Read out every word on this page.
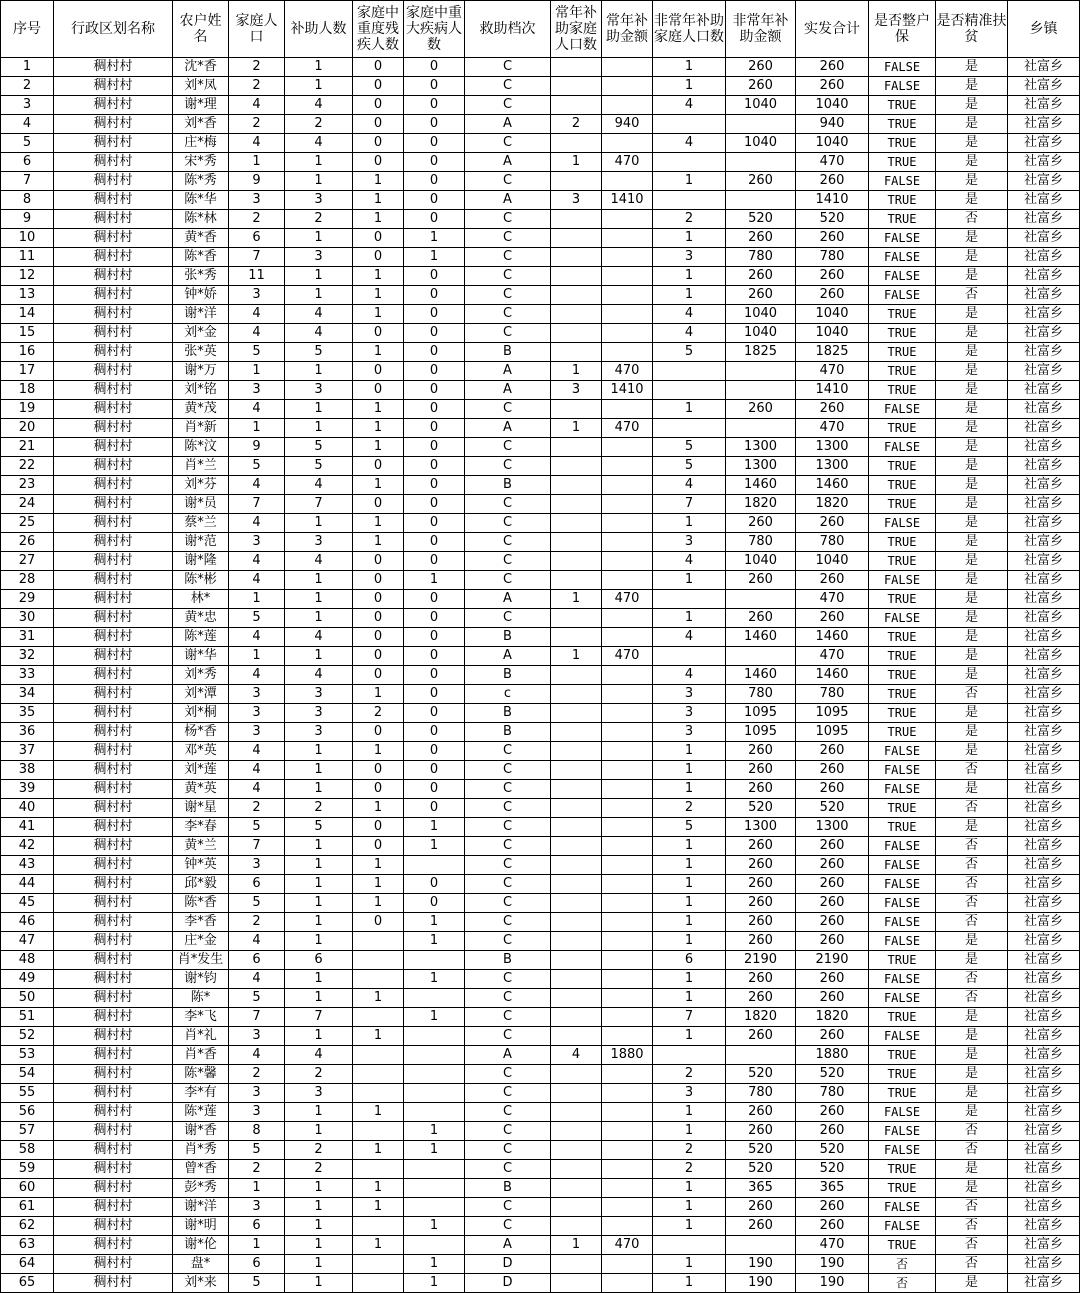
序号	行政区划名称	农户姓名	家庭人口	补助人数	家庭中重度残疾人数	家庭中重大疾病人数	救助档次	常年补助家庭人口数	常年补助金额	非常年补助家庭人口数	非常年补助金额	实发合计	是否整户保	是否精准扶贫	乡镇
1	稠村村	沈*香	2	1	0	0	C			1	260	260	FALSE	是	社富乡
2	稠村村	刘*凤	2	1	0	0	C			1	260	260	FALSE	是	社富乡
3	稠村村	谢*理	4	4	0	0	C			4	1040	1040	TRUE	是	社富乡
4	稠村村	刘*香	2	2	0	0	A	2	940			940	TRUE	是	社富乡
5	稠村村	庄*梅	4	4	0	0	C			4	1040	1040	TRUE	是	社富乡
6	稠村村	宋*秀	1	1	0	0	A	1	470			470	TRUE	是	社富乡
7	稠村村	陈*秀	9	1	1	0	C			1	260	260	FALSE	是	社富乡
8	稠村村	陈*华	3	3	1	0	A	3	1410			1410	TRUE	是	社富乡
9	稠村村	陈*林	2	2	1	0	C			2	520	520	TRUE	否	社富乡
10	稠村村	黄*香	6	1	0	1	C			1	260	260	FALSE	是	社富乡
11	稠村村	陈*香	7	3	0	1	C			3	780	780	FALSE	是	社富乡
12	稠村村	张*秀	11	1	1	0	C			1	260	260	FALSE	是	社富乡
13	稠村村	钟*娇	3	1	1	0	C			1	260	260	FALSE	否	社富乡
14	稠村村	谢*洋	4	4	1	0	C			4	1040	1040	TRUE	是	社富乡
15	稠村村	刘*金	4	4	0	0	C			4	1040	1040	TRUE	是	社富乡
16	稠村村	张*英	5	5	1	0	B			5	1825	1825	TRUE	是	社富乡
17	稠村村	谢*万	1	1	0	0	A	1	470			470	TRUE	是	社富乡
18	稠村村	刘*铭	3	3	0	0	A	3	1410			1410	TRUE	是	社富乡
19	稠村村	黄*茂	4	1	1	0	C			1	260	260	FALSE	是	社富乡
20	稠村村	肖*新	1	1	1	0	A	1	470			470	TRUE	是	社富乡
21	稠村村	陈*汶	9	5	1	0	C			5	1300	1300	FALSE	是	社富乡
22	稠村村	肖*兰	5	5	0	0	C			5	1300	1300	TRUE	是	社富乡
23	稠村村	刘*芬	4	4	1	0	B			4	1460	1460	TRUE	是	社富乡
24	稠村村	谢*员	7	7	0	0	C			7	1820	1820	TRUE	是	社富乡
25	稠村村	蔡*兰	4	1	1	0	C			1	260	260	FALSE	是	社富乡
26	稠村村	谢*范	3	3	1	0	C			3	780	780	TRUE	是	社富乡
27	稠村村	谢*隆	4	4	0	0	C			4	1040	1040	TRUE	是	社富乡
28	稠村村	陈*彬	4	1	0	1	C			1	260	260	FALSE	是	社富乡
29	稠村村	林*	1	1	0	0	A	1	470			470	TRUE	是	社富乡
30	稠村村	黄*忠	5	1	0	0	C			1	260	260	FALSE	是	社富乡
31	稠村村	陈*莲	4	4	0	0	B			4	1460	1460	TRUE	是	社富乡
32	稠村村	谢*华	1	1	0	0	A	1	470			470	TRUE	是	社富乡
33	稠村村	刘*秀	4	4	0	0	B			4	1460	1460	TRUE	是	社富乡
34	稠村村	刘*潭	3	3	1	0	c			3	780	780	TRUE	否	社富乡
35	稠村村	刘*桐	3	3	2	0	B			3	1095	1095	TRUE	是	社富乡
36	稠村村	杨*香	3	3	0	0	B			3	1095	1095	TRUE	是	社富乡
37	稠村村	邓*英	4	1	1	0	C			1	260	260	FALSE	是	社富乡
38	稠村村	刘*莲	4	1	0	0	C			1	260	260	FALSE	否	社富乡
39	稠村村	黄*英	4	1	0	0	C			1	260	260	FALSE	是	社富乡
40	稠村村	谢*星	2	2	1	0	C			2	520	520	TRUE	否	社富乡
41	稠村村	李*春	5	5	0	1	C			5	1300	1300	TRUE	是	社富乡
42	稠村村	黄*兰	7	1	0	1	C			1	260	260	FALSE	否	社富乡
43	稠村村	钟*英	3	1	1		C			1	260	260	FALSE	否	社富乡
44	稠村村	邱*毅	6	1	1	0	C			1	260	260	FALSE	否	社富乡
45	稠村村	陈*香	5	1	1	0	C			1	260	260	FALSE	否	社富乡
46	稠村村	李*香	2	1	0	1	C			1	260	260	FALSE	否	社富乡
47	稠村村	庄*金	4	1		1	C			1	260	260	FALSE	是	社富乡
48	稠村村	肖*发生	6	6			B			6	2190	2190	TRUE	是	社富乡
49	稠村村	谢*钧	4	1		1	C			1	260	260	FALSE	否	社富乡
50	稠村村	陈*	5	1	1		C			1	260	260	FALSE	否	社富乡
51	稠村村	李*飞	7	7		1	C			7	1820	1820	TRUE	是	社富乡
52	稠村村	肖*礼	3	1	1		C			1	260	260	FALSE	是	社富乡
53	稠村村	肖*香	4	4			A	4	1880			1880	TRUE	是	社富乡
54	稠村村	陈*馨	2	2			C			2	520	520	TRUE	是	社富乡
55	稠村村	李*有	3	3			C			3	780	780	TRUE	是	社富乡
56	稠村村	陈*莲	3	1	1		C			1	260	260	FALSE	是	社富乡
57	稠村村	谢*香	8	1		1	C			1	260	260	FALSE	否	社富乡
58	稠村村	肖*秀	5	2	1	1	C			2	520	520	FALSE	否	社富乡
59	稠村村	曾*香	2	2			C			2	520	520	TRUE	是	社富乡
60	稠村村	彭*秀	1	1	1		B			1	365	365	TRUE	是	社富乡
61	稠村村	谢*洋	3	1	1		C			1	260	260	FALSE	否	社富乡
62	稠村村	谢*明	6	1		1	C			1	260	260	FALSE	否	社富乡
63	稠村村	谢*伦	1	1	1		A	1	470			470	TRUE	否	社富乡
64	稠村村	盘*	6	1		1	D			1	190	190	否	否	社富乡
65	稠村村	刘*来	5	1		1	D			1	190	190	否	是	社富乡
